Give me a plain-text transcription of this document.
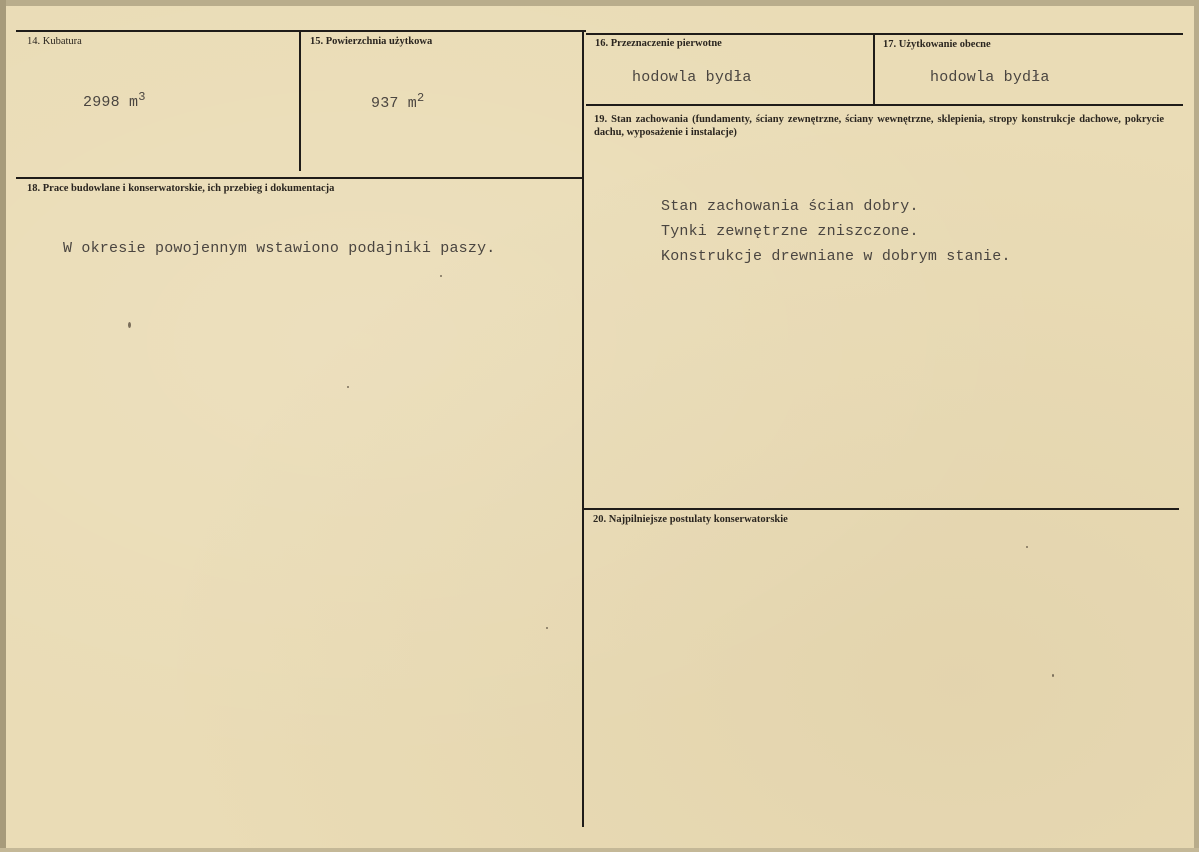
14. Kubatura
2998 $m^3$
15. Powierzchnia użytkowa
937 $m^2$
16. Przeznaczenie pierwotne
hodowla bydła
17. Użytkowanie obecne
hodowla bydła
18. Prace budowlane i konserwatorskie, ich przebieg i dokumentacja
W okresie powojennym wstawiono podajniki paszy.
19. Stan zachowania (fundamenty, ściany zewnętrzne, ściany wewnętrzne, sklepienia, stropy konstrukcje dachowe, pokrycie dachu, wyposażenie i instalacje)
Stan zachowania ścian dobry.
Tynki zewnętrzne zniszczone.
Konstrukcje drewniane w dobrym stanie.
20. Najpilniejsze postulaty konserwatorskie
